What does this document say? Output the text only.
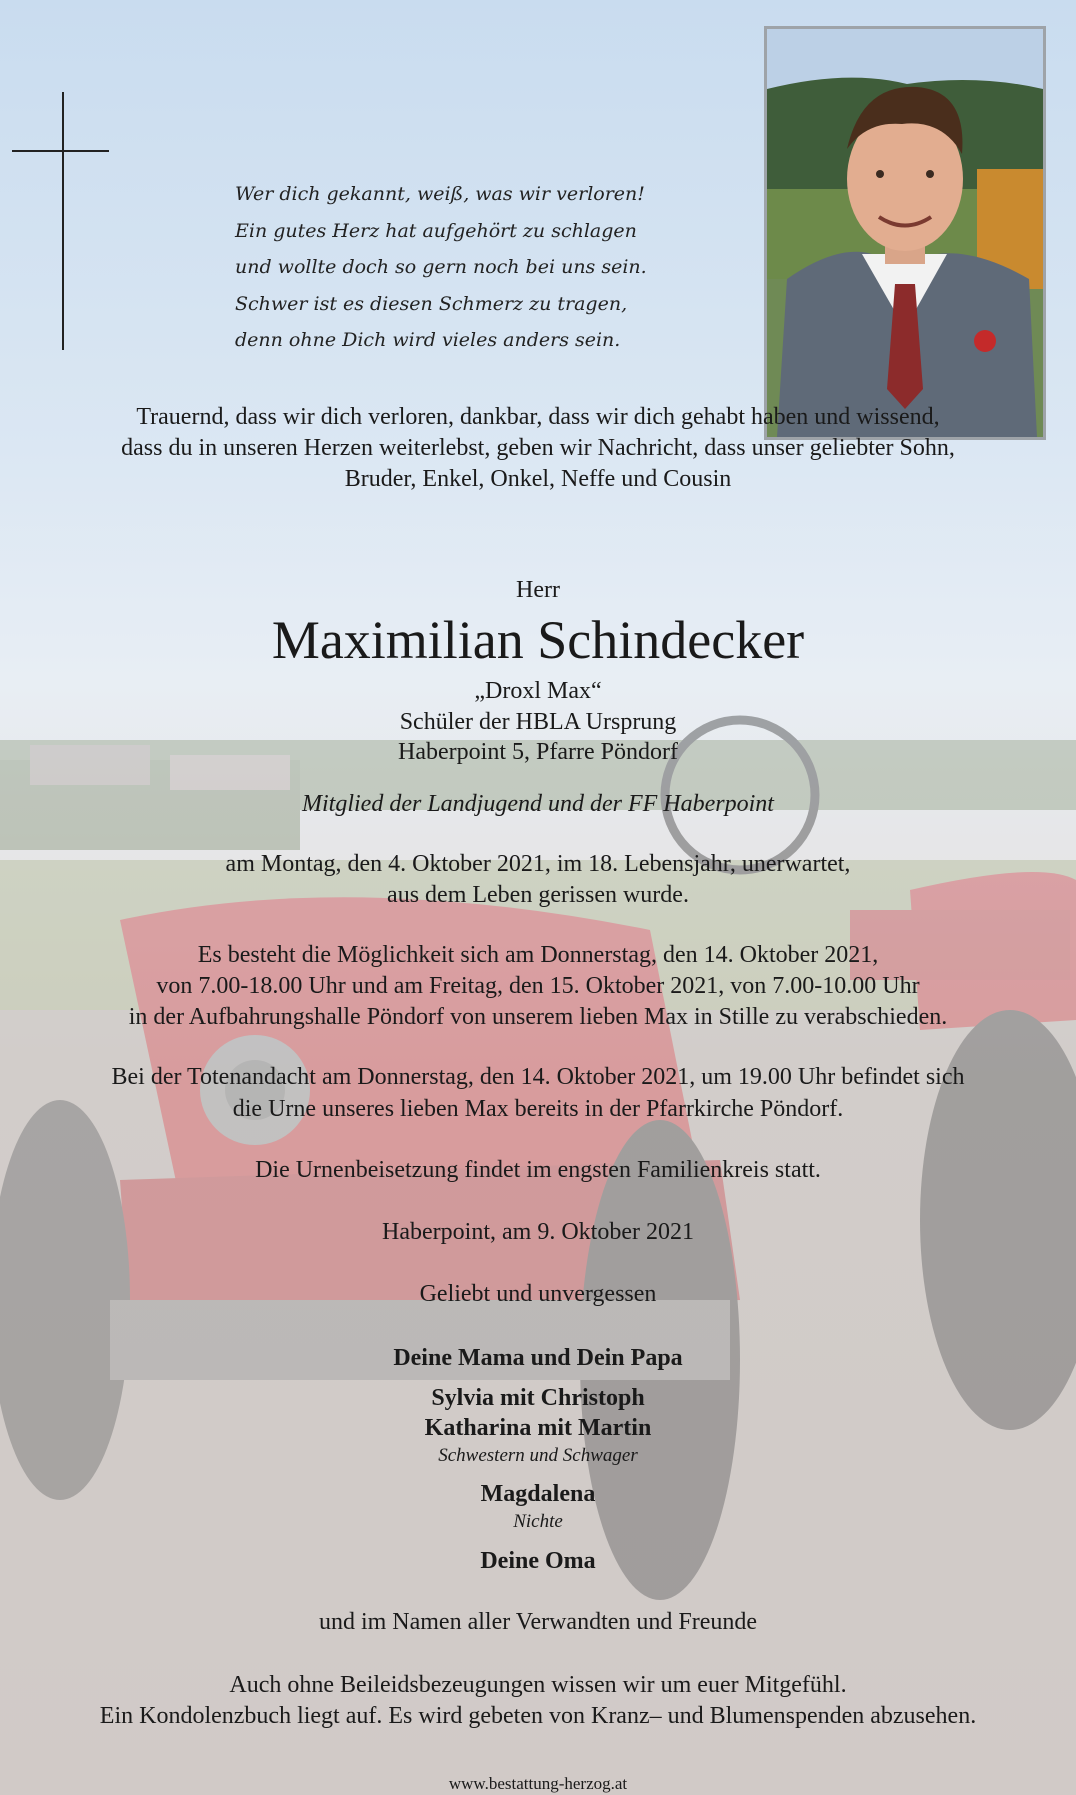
Wer dich gekannt, weiß, was wir verloren!
Ein gutes Herz hat aufgehört zu schlagen
und wollte doch so gern noch bei uns sein.
Schwer ist es diesen Schmerz zu tragen,
denn ohne Dich wird vieles anders sein.
Trauernd, dass wir dich verloren, dankbar, dass wir dich gehabt haben und wissend,
dass du in unseren Herzen weiterlebst, geben wir Nachricht, dass unser geliebter Sohn,
Bruder, Enkel, Onkel, Neffe und Cousin
Herr
Maximilian Schindecker
„Droxl Max“
Schüler der HBLA Ursprung
Haberpoint 5, Pfarre Pöndorf
Mitglied der Landjugend und der FF Haberpoint
am Montag, den 4. Oktober 2021, im 18. Lebensjahr, unerwartet,
aus dem Leben gerissen wurde.
Es besteht die Möglichkeit sich am Donnerstag, den 14. Oktober 2021,
von 7.00-18.00 Uhr und am Freitag, den 15. Oktober 2021, von 7.00-10.00 Uhr
in der Aufbahrungshalle Pöndorf von unserem lieben Max in Stille zu verabschieden.
Bei der Totenandacht am Donnerstag, den 14. Oktober 2021, um 19.00 Uhr befindet sich
die Urne unseres lieben Max bereits in der Pfarrkirche Pöndorf.
Die Urnenbeisetzung findet im engsten Familienkreis statt.
Haberpoint, am 9. Oktober 2021
Geliebt und unvergessen
Deine Mama und Dein Papa
Sylvia mit Christoph
Katharina mit Martin
Schwestern und Schwager
Magdalena
Nichte
Deine Oma
und im Namen aller Verwandten und Freunde
Auch ohne Beileidsbezeugungen wissen wir um euer Mitgefühl.
Ein Kondolenzbuch liegt auf. Es wird gebeten von Kranz– und Blumenspenden abzusehen.
www.bestattung-herzog.at
